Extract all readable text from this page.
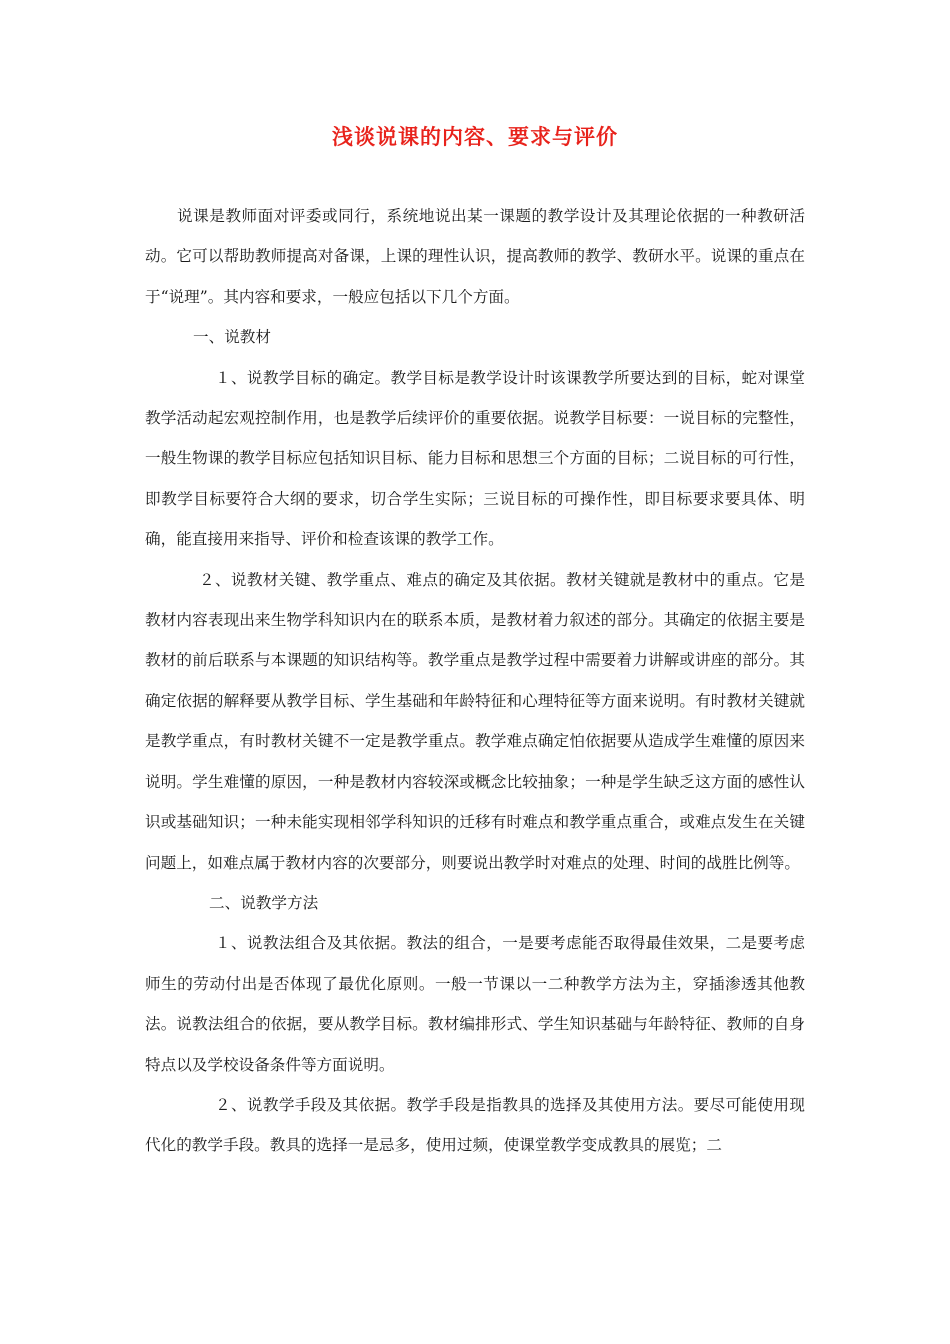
浅谈说课的内容、要求与评价

说课是教师面对评委或同行，系统地说出某一课题的教学设计及其理论依据的一种教研活动。它可以帮助教师提高对备课，上课的理性认识，提高教师的教学、教研水平。说课的重点在于“说理”。其内容和要求，一般应包括以下几个方面。

一、说教材

１、说教学目标的确定。教学目标是教学设计时该课教学所要达到的目标，蛇对课堂教学活动起宏观控制作用，也是教学后续评价的重要依据。说教学目标要：一说目标的完整性，一般生物课的教学目标应包括知识目标、能力目标和思想三个方面的目标；二说目标的可行性，即教学目标要符合大纲的要求，切合学生实际；三说目标的可操作性，即目标要求要具体、明确，能直接用来指导、评价和检查该课的教学工作。

２、说教材关键、教学重点、难点的确定及其依据。教材关键就是教材中的重点。它是教材内容表现出来生物学科知识内在的联系本质，是教材着力叙述的部分。其确定的依据主要是教材的前后联系与本课题的知识结构等。教学重点是教学过程中需要着力讲解或讲座的部分。其确定依据的解释要从教学目标、学生基础和年龄特征和心理特征等方面来说明。有时教材关键就是教学重点，有时教材关键不一定是教学重点。教学难点确定怕依据要从造成学生难懂的原因来说明。学生难懂的原因，一种是教材内容较深或概念比较抽象；一种是学生缺乏这方面的感性认识或基础知识；一种未能实现相邻学科知识的迁移有时难点和教学重点重合，或难点发生在关键问题上，如难点属于教材内容的次要部分，则要说出教学时对难点的处理、时间的战胜比例等。

二、说教学方法

１、说教法组合及其依据。教法的组合，一是要考虑能否取得最佳效果，二是要考虑师生的劳动付出是否体现了最优化原则。一般一节课以一二种教学方法为主，穿插渗透其他教法。说教法组合的依据，要从教学目标。教材编排形式、学生知识基础与年龄特征、教师的自身特点以及学校设备条件等方面说明。

２、说教学手段及其依据。教学手段是指教具的选择及其使用方法。要尽可能使用现代化的教学手段。教具的选择一是忌多，使用过频，使课堂教学变成教具的展览；二
